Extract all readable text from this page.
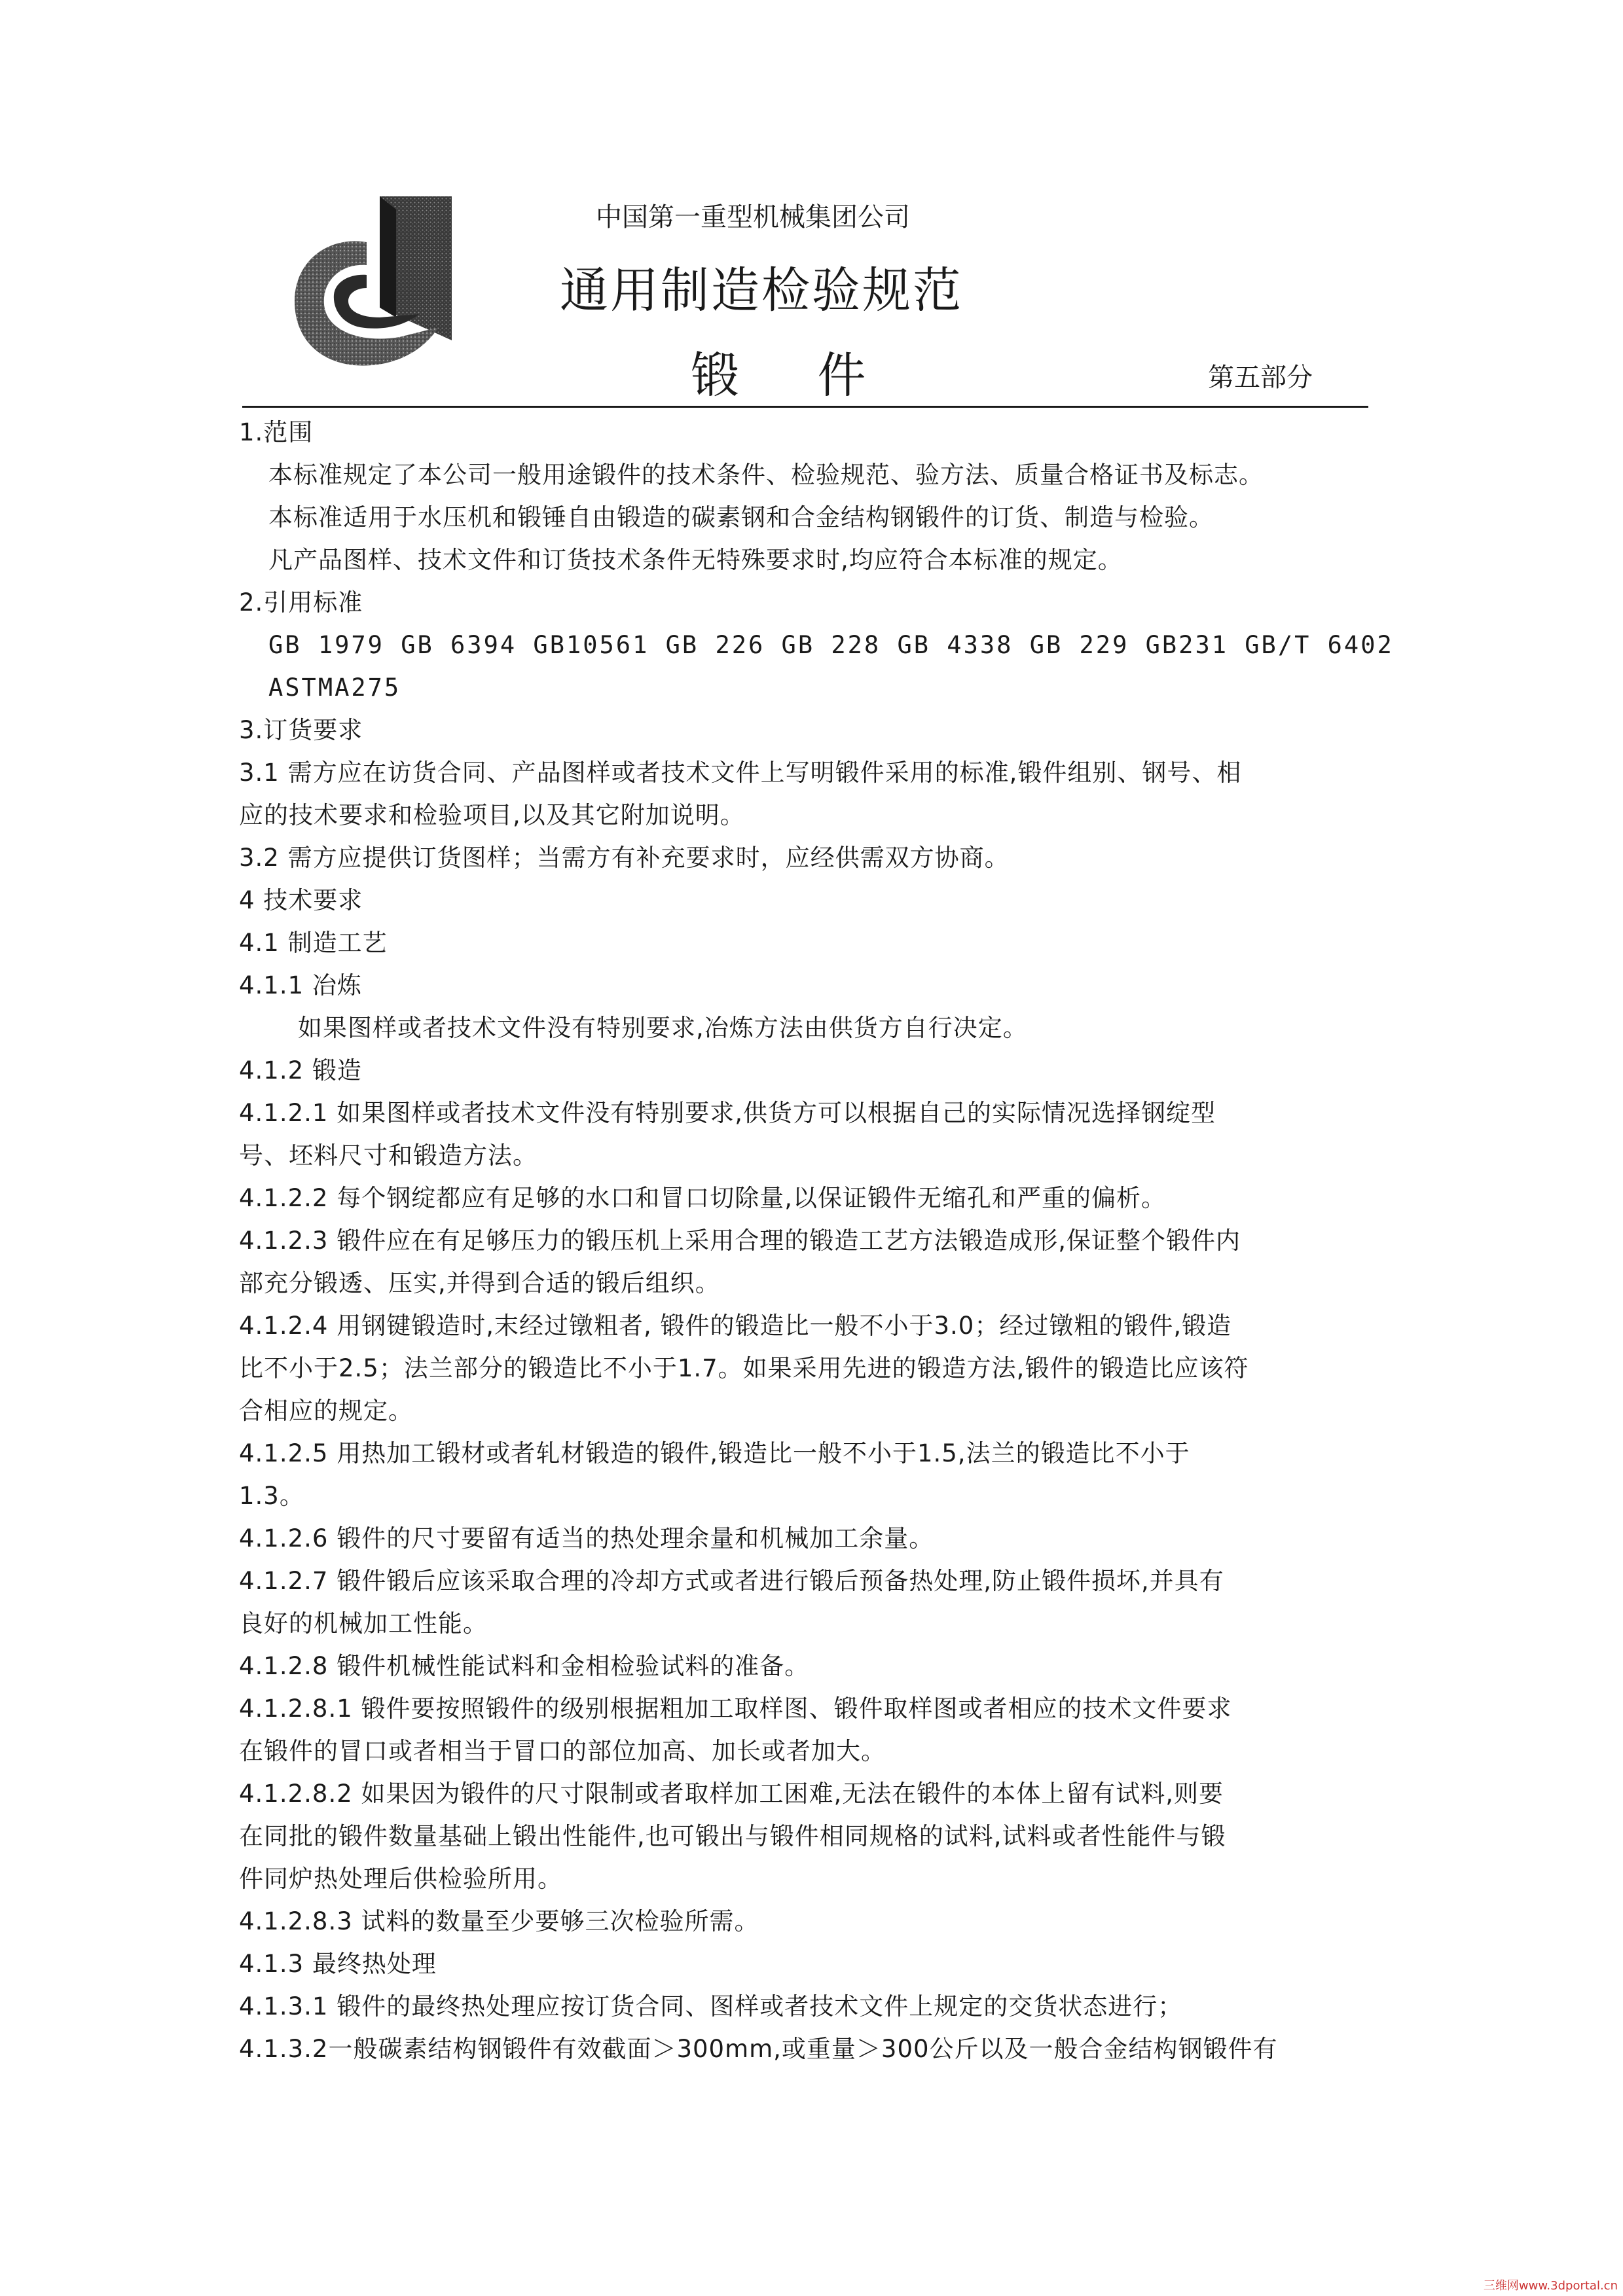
中国第一重型机械集团公司
通用制造检验规范
锻 件	第五部分
1.范围
本标准规定了本公司一般用途锻件的技术条件、检验规范、验方法、质量合格证书及标志。
本标准适用于水压机和锻锤自由锻造的碳素钢和合金结构钢锻件的订货、制造与检验。
凡产品图样、技术文件和订货技术条件无特殊要求时,均应符合本标准的规定。
2.引用标准
GB 1979 GB 6394 GB10561 GB 226 GB 228 GB 4338 GB 229 GB231 GB/T 6402
ASTMA275
3.订货要求
3.1 需方应在访货合同、产品图样或者技术文件上写明锻件采用的标准,锻件组别、钢号、相
应的技术要求和检验项目,以及其它附加说明。
3.2 需方应提供订货图样；当需方有补充要求时，应经供需双方协商。
4 技术要求
4.1 制造工艺
4.1.1 冶炼
如果图样或者技术文件没有特别要求,冶炼方法由供货方自行决定。
4.1.2 锻造
4.1.2.1 如果图样或者技术文件没有特别要求,供货方可以根据自己的实际情况选择钢绽型
号、坯料尺寸和锻造方法。
4.1.2.2 每个钢绽都应有足够的水口和冒口切除量,以保证锻件无缩孔和严重的偏析。
4.1.2.3 锻件应在有足够压力的锻压机上采用合理的锻造工艺方法锻造成形,保证整个锻件内
部充分锻透、压实,并得到合适的锻后组织。
4.1.2.4 用钢键锻造时,末经过镦粗者, 锻件的锻造比一般不小于3.0；经过镦粗的锻件,锻造
比不小于2.5；法兰部分的锻造比不小于1.7。如果采用先进的锻造方法,锻件的锻造比应该符
合相应的规定。
4.1.2.5 用热加工锻材或者轧材锻造的锻件,锻造比一般不小于1.5,法兰的锻造比不小于
1.3。
4.1.2.6 锻件的尺寸要留有适当的热处理余量和机械加工余量。
4.1.2.7 锻件锻后应该采取合理的冷却方式或者进行锻后预备热处理,防止锻件损坏,并具有
良好的机械加工性能。
4.1.2.8 锻件机械性能试料和金相检验试料的准备。
4.1.2.8.1 锻件要按照锻件的级别根据粗加工取样图、锻件取样图或者相应的技术文件要求
在锻件的冒口或者相当于冒口的部位加高、加长或者加大。
4.1.2.8.2 如果因为锻件的尺寸限制或者取样加工困难,无法在锻件的本体上留有试料,则要
在同批的锻件数量基础上锻出性能件,也可锻出与锻件相同规格的试料,试料或者性能件与锻
件同炉热处理后供检验所用。
4.1.2.8.3 试料的数量至少要够三次检验所需。
4.1.3 最终热处理
4.1.3.1 锻件的最终热处理应按订货合同、图样或者技术文件上规定的交货状态进行；
4.1.3.2一般碳素结构钢锻件有效截面＞300mm,或重量＞300公斤以及一般合金结构钢锻件有
三维网www.3dportal.cn
